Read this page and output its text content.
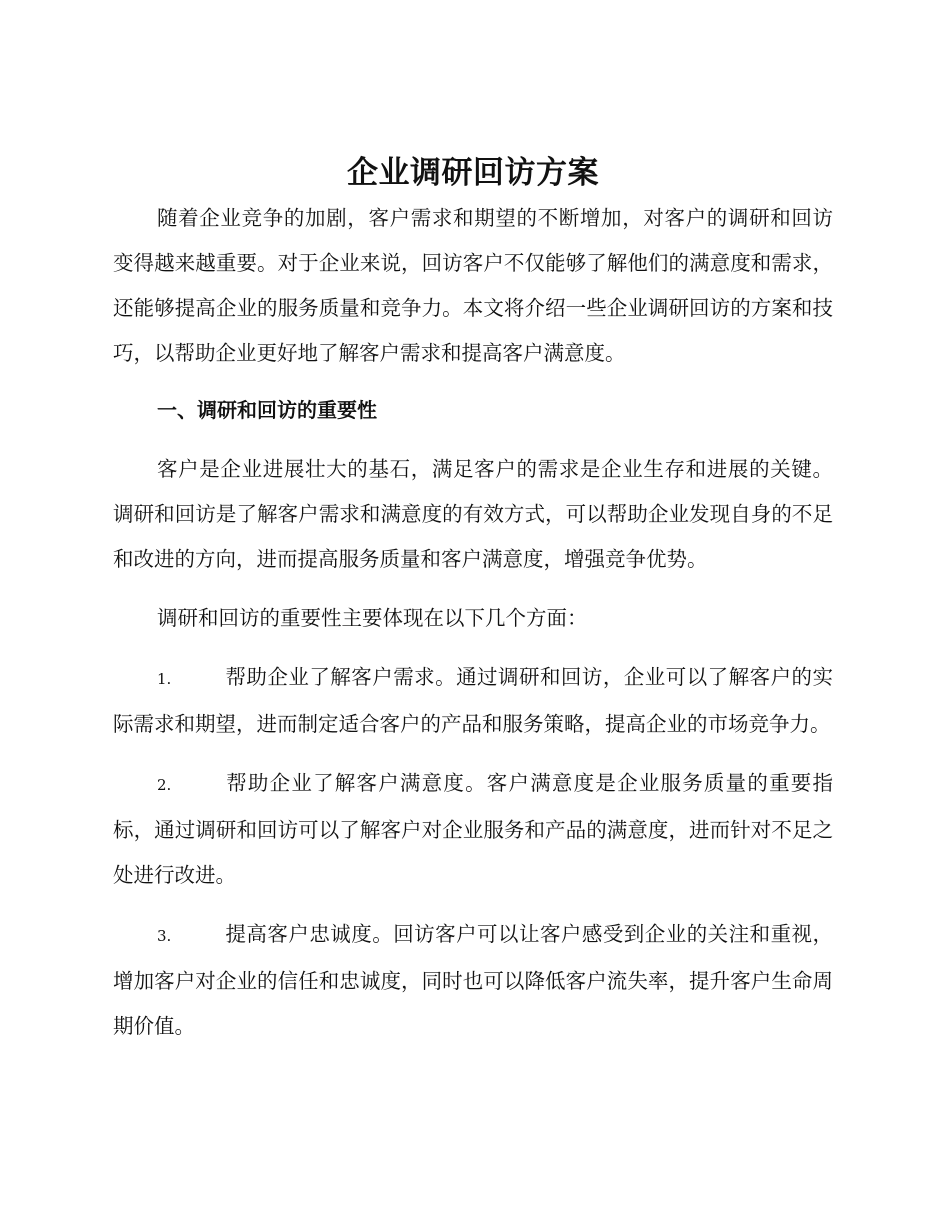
企业调研回访方案

随着企业竞争的加剧，客户需求和期望的不断增加，对客户的调研和回访变得越来越重要。对于企业来说，回访客户不仅能够了解他们的满意度和需求，还能够提高企业的服务质量和竞争力。本文将介绍一些企业调研回访的方案和技巧，以帮助企业更好地了解客户需求和提高客户满意度。

一、调研和回访的重要性

客户是企业进展壮大的基石，满足客户的需求是企业生存和进展的关键。调研和回访是了解客户需求和满意度的有效方式，可以帮助企业发现自身的不足和改进的方向，进而提高服务质量和客户满意度，增强竞争优势。

调研和回访的重要性主要体现在以下几个方面：

1.	帮助企业了解客户需求。通过调研和回访，企业可以了解客户的实际需求和期望，进而制定适合客户的产品和服务策略，提高企业的市场竞争力。

2.	帮助企业了解客户满意度。客户满意度是企业服务质量的重要指标，通过调研和回访可以了解客户对企业服务和产品的满意度，进而针对不足之处进行改进。

3.	提高客户忠诚度。回访客户可以让客户感受到企业的关注和重视，增加客户对企业的信任和忠诚度，同时也可以降低客户流失率，提升客户生命周期价值。
